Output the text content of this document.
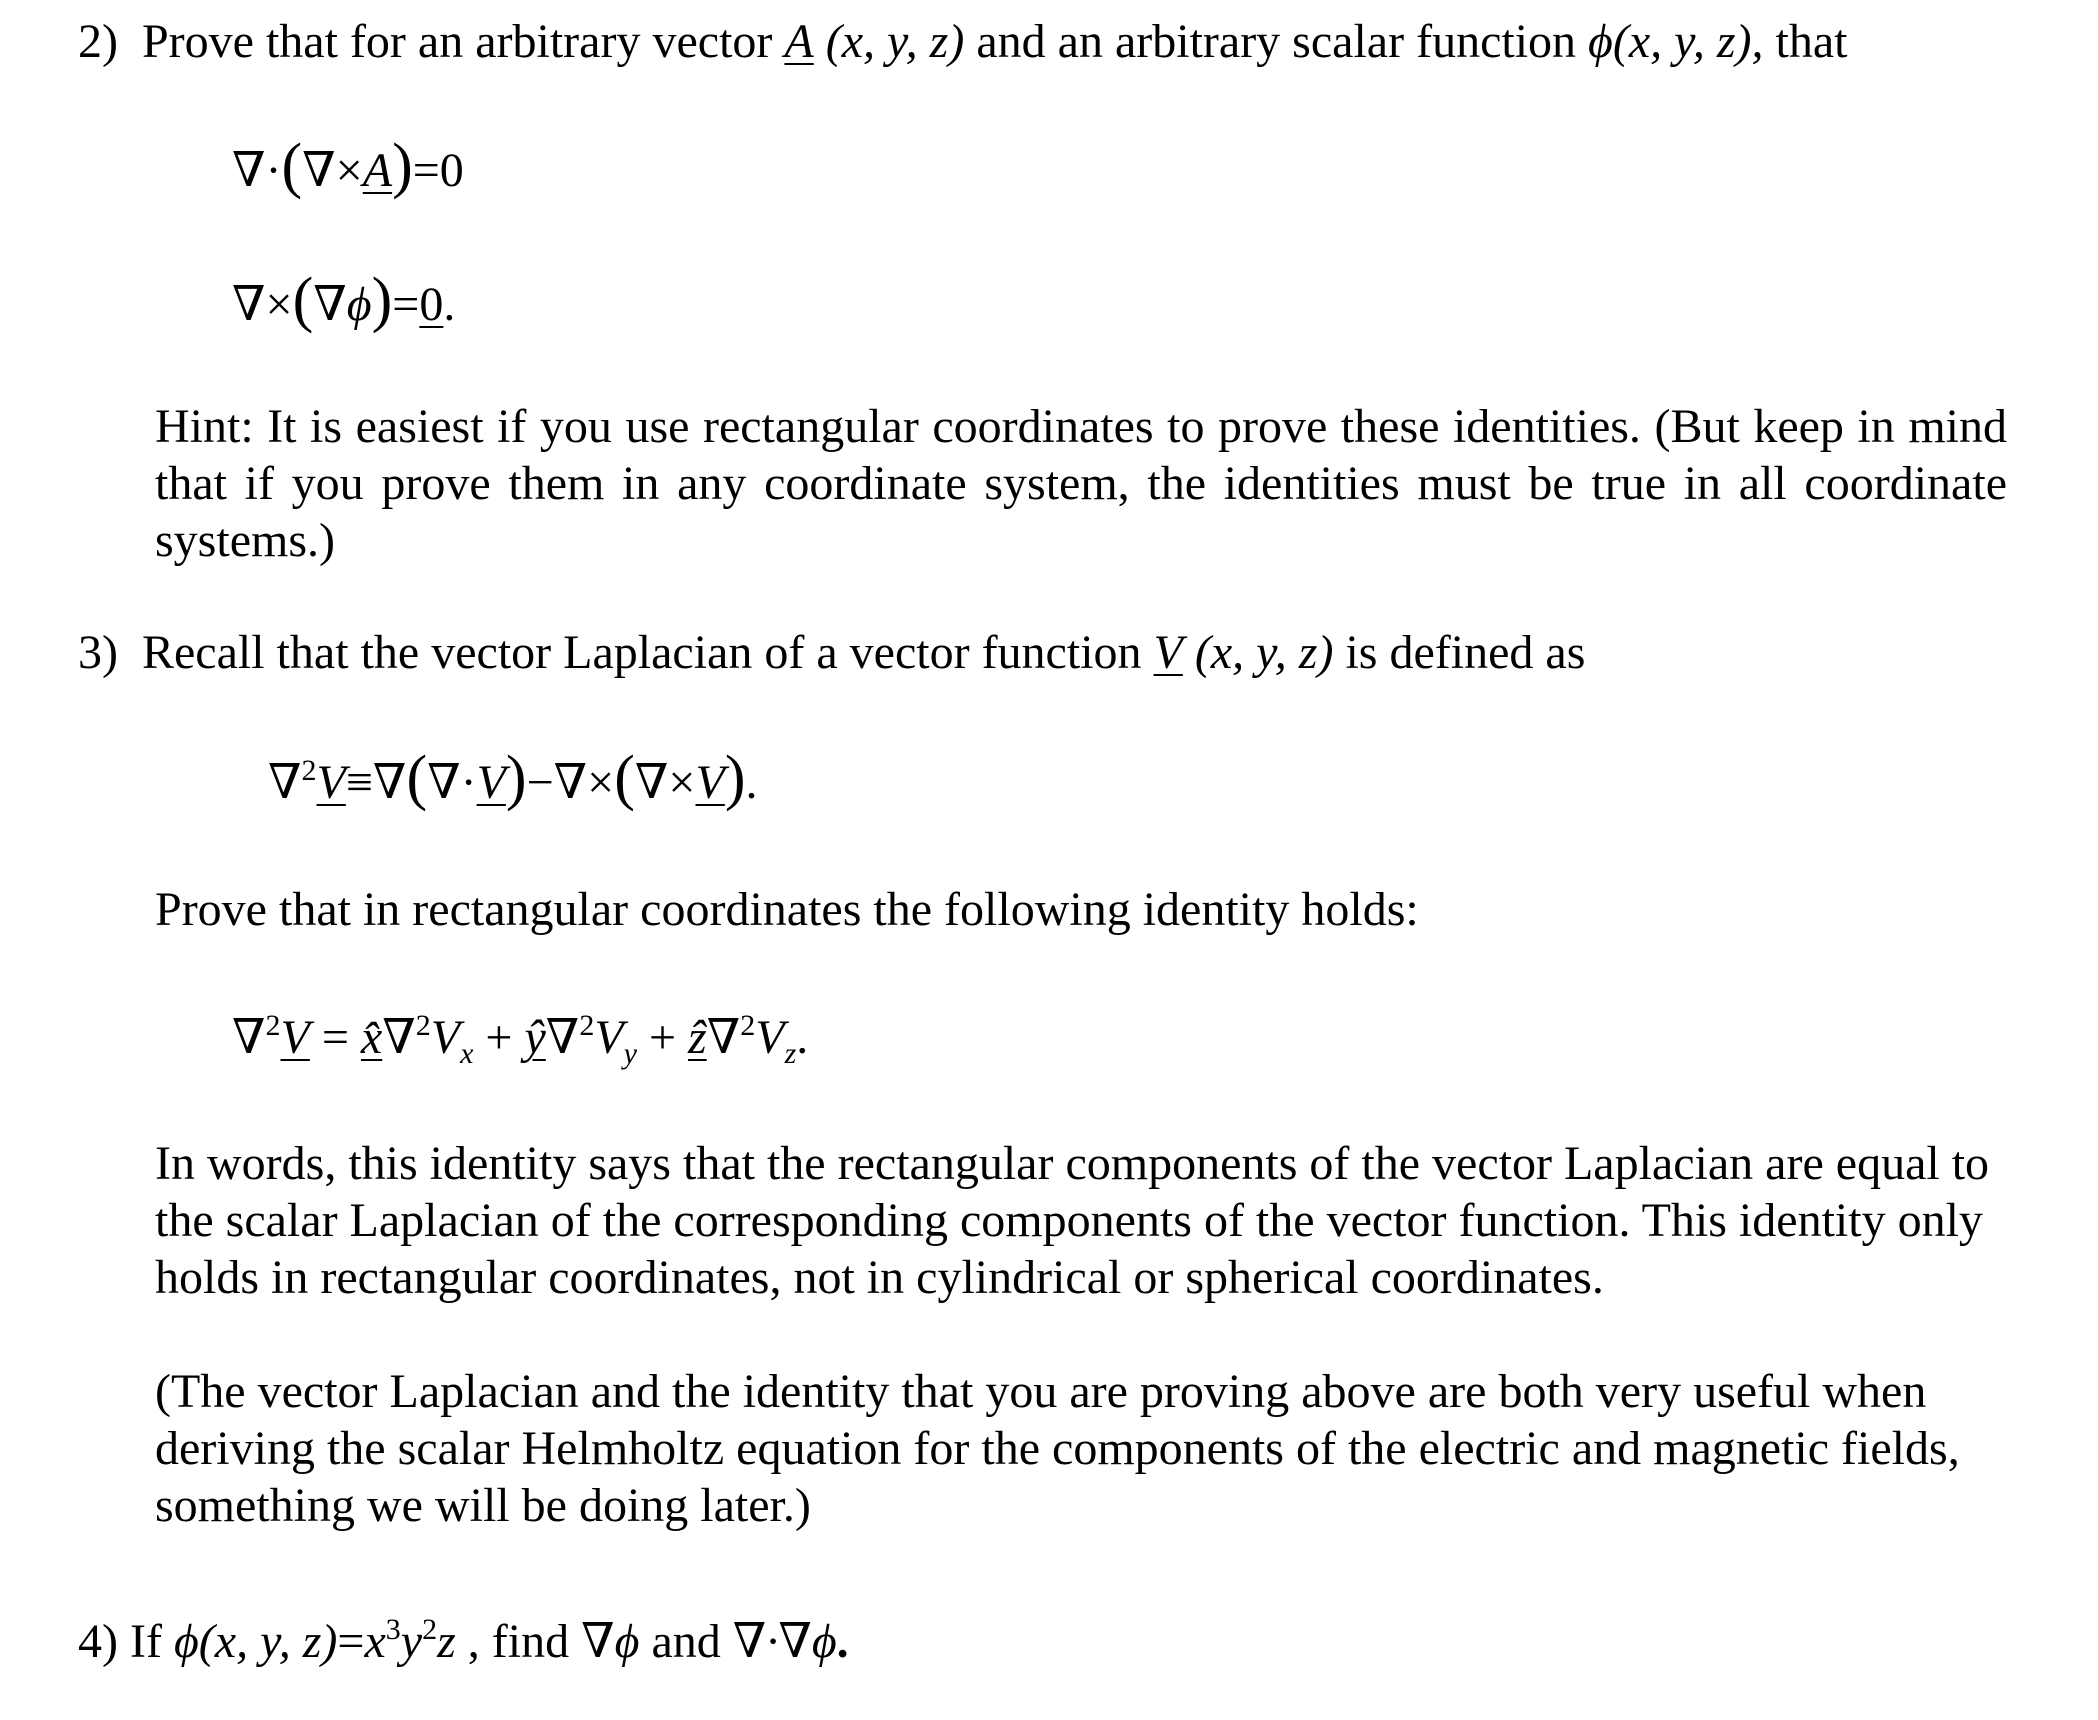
2) Prove that for an arbitrary vector A (x, y, z) and an arbitrary scalar function ϕ(x, y, z), that
∇·(∇×A)=0
∇×(∇ϕ)=0.
Hint: It is easiest if you use rectangular coordinates to prove these identities. (But keep in mind that if you prove them in any coordinate system, the identities must be true in all coordinate systems.)
3) Recall that the vector Laplacian of a vector function V (x, y, z) is defined as
∇$^2$V≡∇(∇·V)−∇×(∇×V).
Prove that in rectangular coordinates the following identity holds:
$\nabla^2V = x̂\nabla^2V_x$ + $ŷ\nabla^2V_y$ + $ẑ\nabla^2V_z$.
In words, this identity says that the rectangular components of the vector Laplacian are equal to the scalar Laplacian of the corresponding components of the vector function. This identity only holds in rectangular coordinates, not in cylindrical or spherical coordinates.
(The vector Laplacian and the identity that you are proving above are both very useful when deriving the scalar Helmholtz equation for the components of the electric and magnetic fields, something we will be doing later.)
4) If ϕ(x, y, $z)=x^3y^2z$ , find ∇ϕ and ∇·∇ϕ.
